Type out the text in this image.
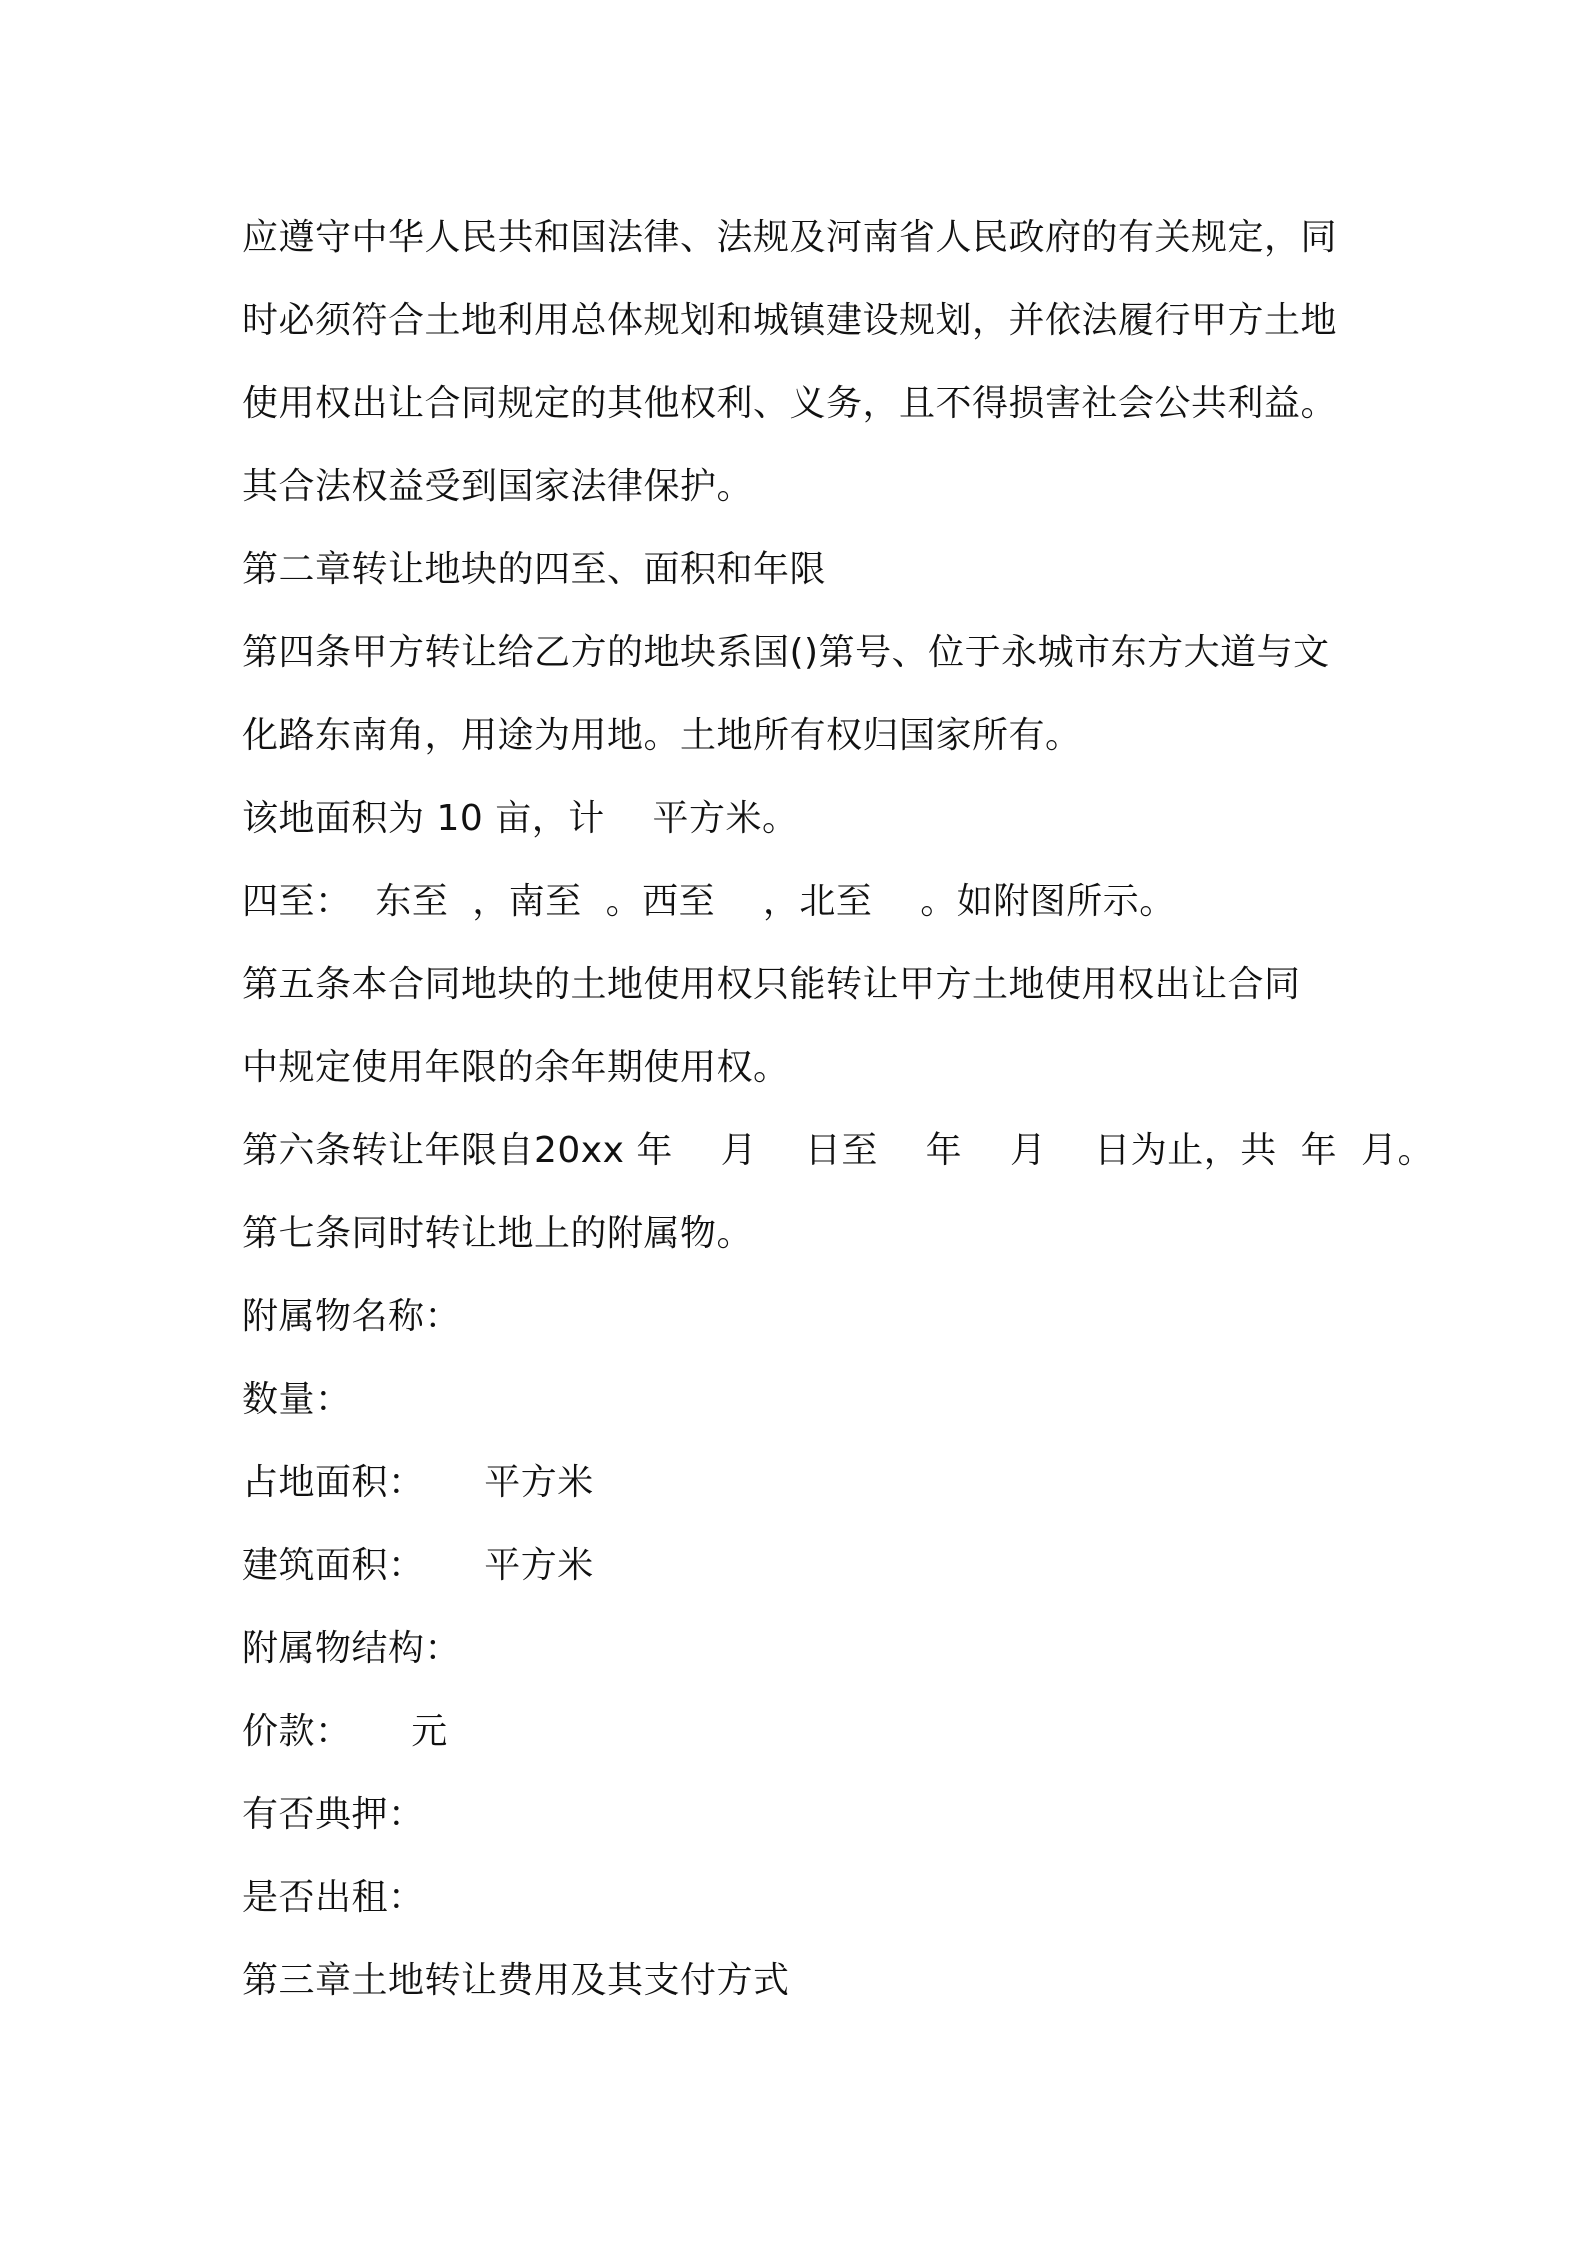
应遵守中华人民共和国法律、法规及河南省人民政府的有关规定，同
时必须符合土地利用总体规划和城镇建设规划，并依法履行甲方土地
使用权出让合同规定的其他权利、义务，且不得损害社会公共利益。
其合法权益受到国家法律保护。
第二章转让地块的四至、面积和年限
第四条甲方转让给乙方的地块系国()第号、位于永城市东方大道与文
化路东南角，用途为用地。土地所有权归国家所有。
该地面积为 10 亩，计    平方米。
四至：  东至  ，南至  。西至    ，北至    。如附图所示。
第五条本合同地块的土地使用权只能转让甲方土地使用权出让合同
中规定使用年限的余年期使用权。
第六条转让年限自20xx 年    月    日至    年    月    日为止，共  年  月。
第七条同时转让地上的附属物。
附属物名称：
数量：
占地面积：     平方米
建筑面积：     平方米
附属物结构：
价款：     元
有否典押：
是否出租：
第三章土地转让费用及其支付方式
